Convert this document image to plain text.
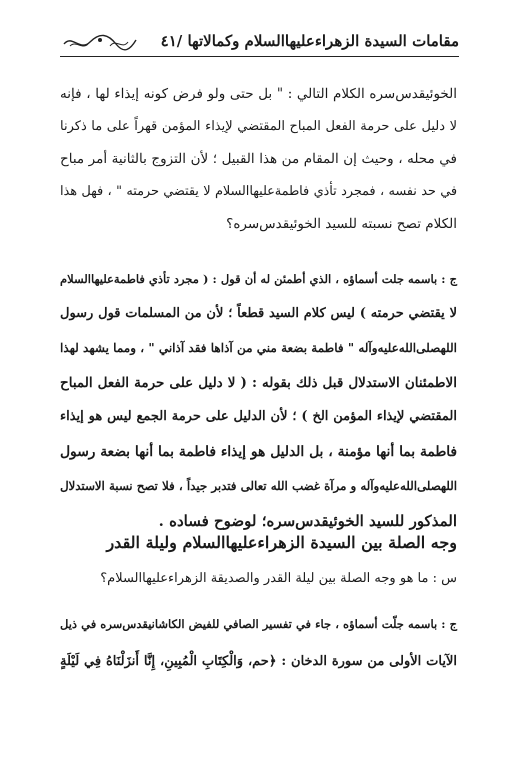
مقامات السيدة الزهراءعليهاالسلام وكمالاتها /٤١
الخوئيقدس‌سره الكلام التالي : " بل حتى ولو فرض كونه إيذاء لها ، فإنه
لا دليل على حرمة الفعل المباح المقتضي لإيذاء المؤمن قهراً على ما ذكرنا
في محله ، وحيث إن المقام من هذا القبيل ؛ لأن التزوج بالثانية أمر مباح
في حد نفسه ، فمجرد تأذي فاطمةعليهاالسلام لا يقتضي حرمته " ، فهل هذا
الكلام تصح نسبته للسيد الخوئيقدس‌سره؟
ج : باسمه جلت أسماؤه ، الذي أطمئن له أن قول : ( مجرد تأذي فاطمةعليهاالسلام
لا يقتضي حرمته ) ليس كلام السيد قطعاً ؛ لأن من المسلمات قول رسول
اللهصلى‌الله‌عليه‌وآله " فاطمة بضعة مني من آذاها فقد آذاني " ، ومما يشهد لهذا
الاطمئنان الاستدلال قبل ذلك بقوله : ( لا دليل على حرمة الفعل المباح
المقتضي لإيذاء المؤمن الخ ) ؛ لأن الدليل على حرمة الجمع ليس هو إيذاء
فاطمة بما أنها مؤمنة ، بل الدليل هو إيذاء فاطمة بما أنها بضعة رسول
اللهصلى‌الله‌عليه‌وآله و مرآة غضب الله تعالى فتدبر جيداً ، فلا تصح نسبة الاستدلال
المذكور للسيد الخوئيقدس‌سره؛ لوضوح فساده .
وجه الصلة بين السيدة الزهراءعليهاالسلام وليلة القدر
س : ما هو وجه الصلة بين ليلة القدر والصديقة الزهراءعليهاالسلام؟
ج : باسمه جلّت أسماؤه ، جاء في تفسير الصافي للفيض الكاشانيقدس‌سره في ذيل
الآيات الأولى من سورة الدخان : ﴿حم، وَالْكِتَابِ الْمُبِينِ، إِنَّا أَنزَلْنَاهُ فِي لَيْلَةٍ
